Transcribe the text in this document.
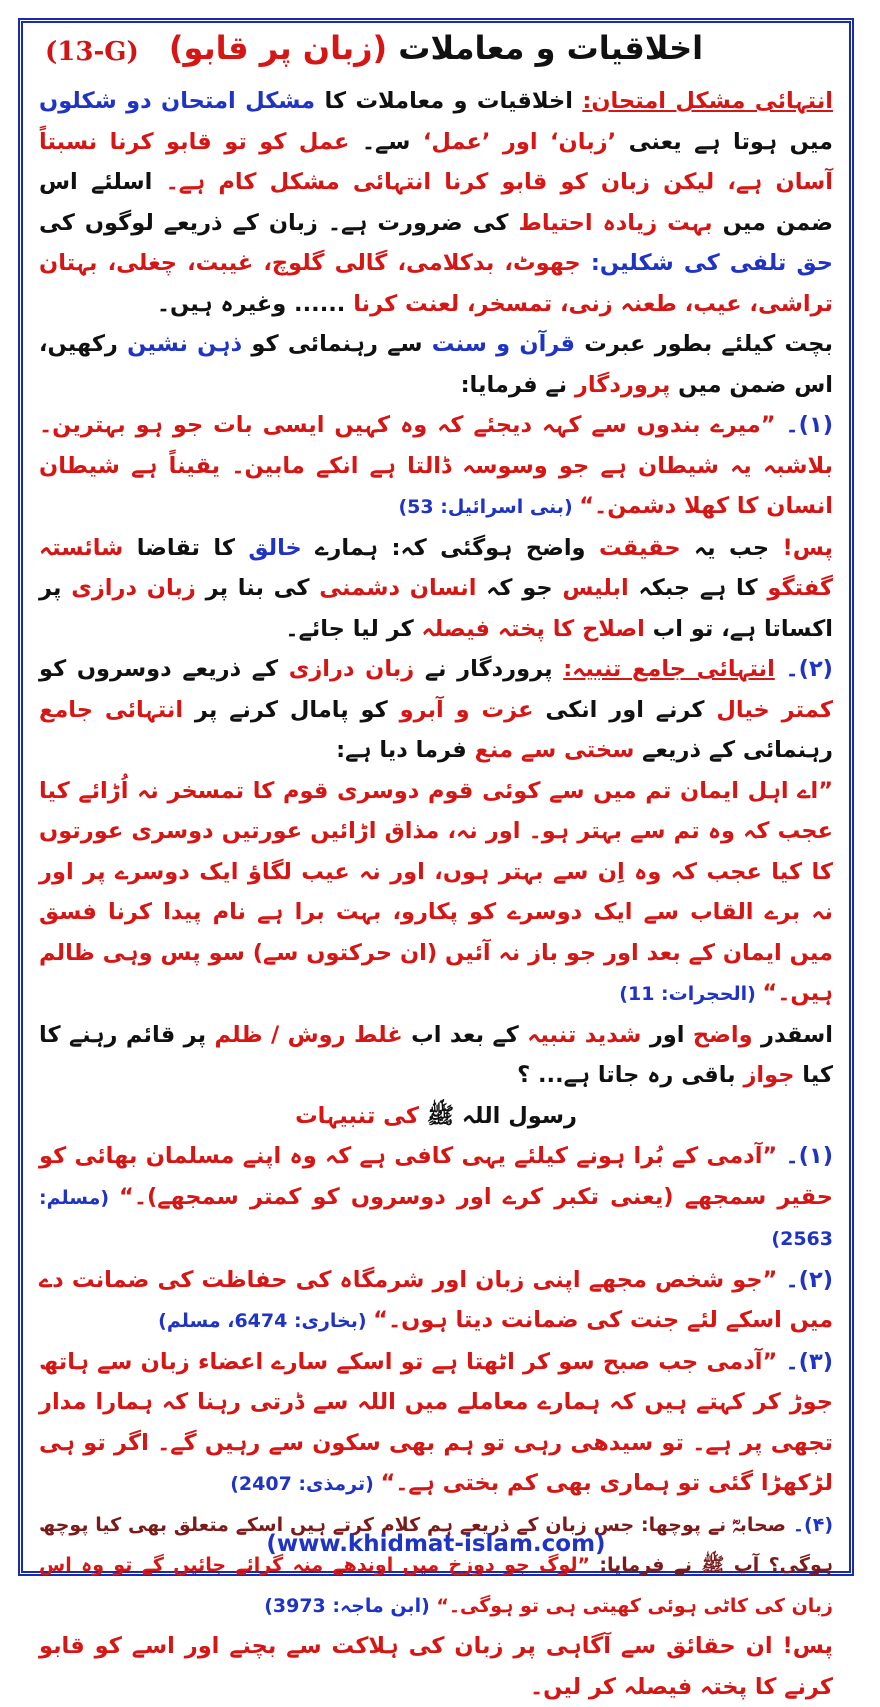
(13-G)	اخلاقیات و معاملات (زبان پر قابو)

انتہائی مشکل امتحان: اخلاقیات و معاملات کا مشکل امتحان دو شکلوں میں ہوتا ہے یعنی ’زبان‘ اور ’عمل‘ سے۔ عمل کو تو قابو کرنا نسبتاً آسان ہے، لیکن زبان کو قابو کرنا انتہائی مشکل کام ہے۔ اسلئے اس ضمن میں بہت زیادہ احتیاط کی ضرورت ہے۔ زبان کے ذریعے لوگوں کی حق تلفی کی شکلیں: جھوٹ، بدکلامی، گالی گلوچ، غیبت، چغلی، بہتان تراشی، عیب، طعنہ زنی، تمسخر، لعنت کرنا ...... وغیرہ ہیں۔

بچت کیلئے بطور عبرت قرآن و سنت سے رہنمائی کو ذہن نشین رکھیں، اس ضمن میں پروردگار نے فرمایا:

(۱)۔ ”میرے بندوں سے کہہ دیجئے کہ وہ کہیں ایسی بات جو ہو بہترین۔ بلاشبہ یہ شیطان ہے جو وسوسہ ڈالتا ہے انکے مابین۔ یقیناً ہے شیطان انسان کا کھلا دشمن۔“ (بنی اسرائیل: 53)

پس! جب یہ حقیقت واضح ہوگئی کہ: ہمارے خالق کا تقاضا شائستہ گفتگو کا ہے جبکہ ابلیس جو کہ انسان دشمنی کی بنا پر زبان درازی پر اکساتا ہے، تو اب اصلاح کا پختہ فیصلہ کر لیا جائے۔

(۲)۔ انتہائی جامع تنبیہ: پروردگار نے زبان درازی کے ذریعے دوسروں کو کمتر خیال کرنے اور انکی عزت و آبرو کو پامال کرنے پر انتہائی جامع رہنمائی کے ذریعے سختی سے منع فرما دیا ہے:

”اے اہل ایمان تم میں سے کوئی قوم دوسری قوم کا تمسخر نہ اُڑائے کیا عجب کہ وہ تم سے بہتر ہو۔ اور نہ، مذاق اڑائیں عورتیں دوسری عورتوں کا کیا عجب کہ وہ اِن سے بہتر ہوں، اور نہ عیب لگاؤ ایک دوسرے پر اور نہ برے القاب سے ایک دوسرے کو پکارو، بہت برا ہے نام پیدا کرنا فسق میں ایمان کے بعد اور جو باز نہ آئیں (ان حرکتوں سے) سو پس وہی ظالم ہیں۔“ (الحجرات: 11)

اسقدر واضح اور شدید تنبیہ کے بعد اب غلط روش / ظلم پر قائم رہنے کا کیا جواز باقی رہ جاتا ہے... ؟

رسول اللہ ﷺ کی تنبیہات

(۱)۔ ”آدمی کے بُرا ہونے کیلئے یہی کافی ہے کہ وہ اپنے مسلمان بھائی کو حقیر سمجھے (یعنی تکبر کرے اور دوسروں کو کمتر سمجھے)۔“ (مسلم: 2563)

(۲)۔ ”جو شخص مجھے اپنی زبان اور شرمگاہ کی حفاظت کی ضمانت دے میں اسکے لئے جنت کی ضمانت دیتا ہوں۔“ (بخاری: 6474، مسلم)

(۳)۔ ”آدمی جب صبح سو کر اٹھتا ہے تو اسکے سارے اعضاء زبان سے ہاتھ جوڑ کر کہتے ہیں کہ ہمارے معاملے میں اللہ سے ڈرتی رہنا کہ ہمارا مدار تجھی پر ہے۔ تو سیدھی رہی تو ہم بھی سکون سے رہیں گے۔ اگر تو ہی لڑکھڑا گئی تو ہماری بھی کم بختی ہے۔“ (ترمذی: 2407)

(۴)۔ صحابہؓ نے پوچھا: جس زبان کے ذریعے ہم کلام کرتے ہیں اسکے متعلق بھی کیا پوچھ ہوگی؟ آپ ﷺ نے فرمایا: ”لوگ جو دوزخ میں اوندھے منہ گرائے جائیں گے تو وہ اس زبان کی کاٹی ہوئی کھیتی ہی تو ہوگی۔“ (ابن ماجہ: 3973)

پس! ان حقائق سے آگاہی پر زبان کی ہلاکت سے بچنے اور اسے کو قابو کرنے کا پختہ فیصلہ کر لیں۔

(www.khidmat-islam.com)
